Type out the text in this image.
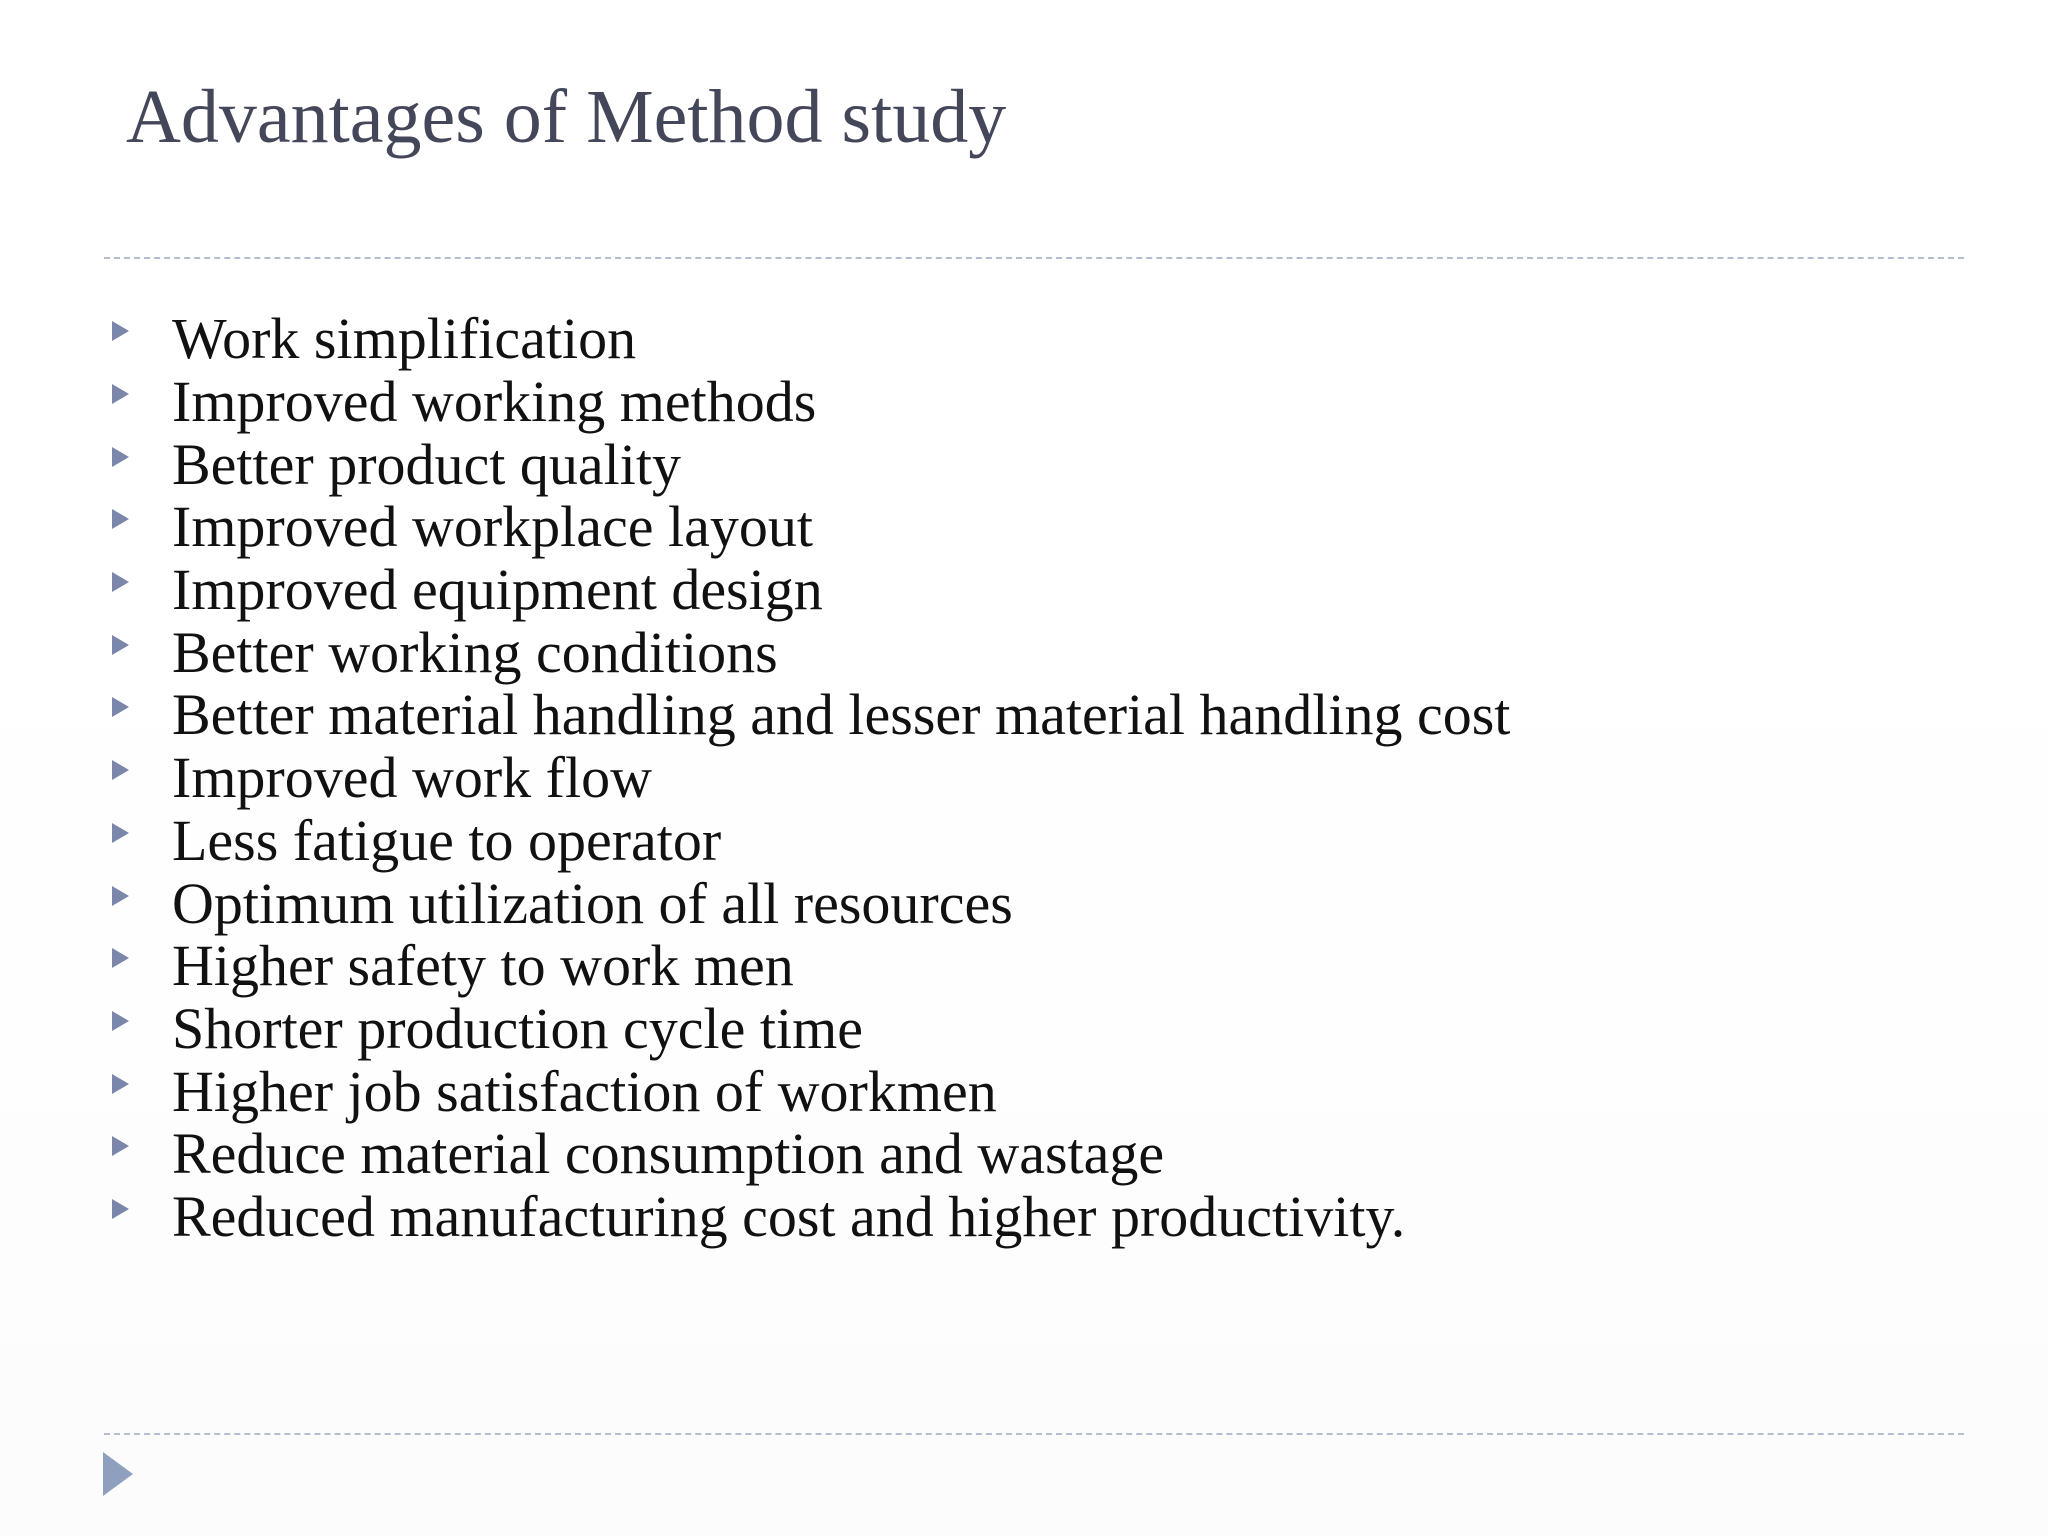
Advantages of Method study
Work simplification
Improved working methods
Better product quality
Improved workplace layout
Improved equipment design
Better working conditions
Better material handling and lesser material handling cost
Improved work flow
Less fatigue to operator
Optimum utilization of all resources
Higher safety to work men
Shorter production cycle time
Higher job satisfaction of workmen
Reduce material consumption and wastage
Reduced manufacturing cost and higher productivity.
